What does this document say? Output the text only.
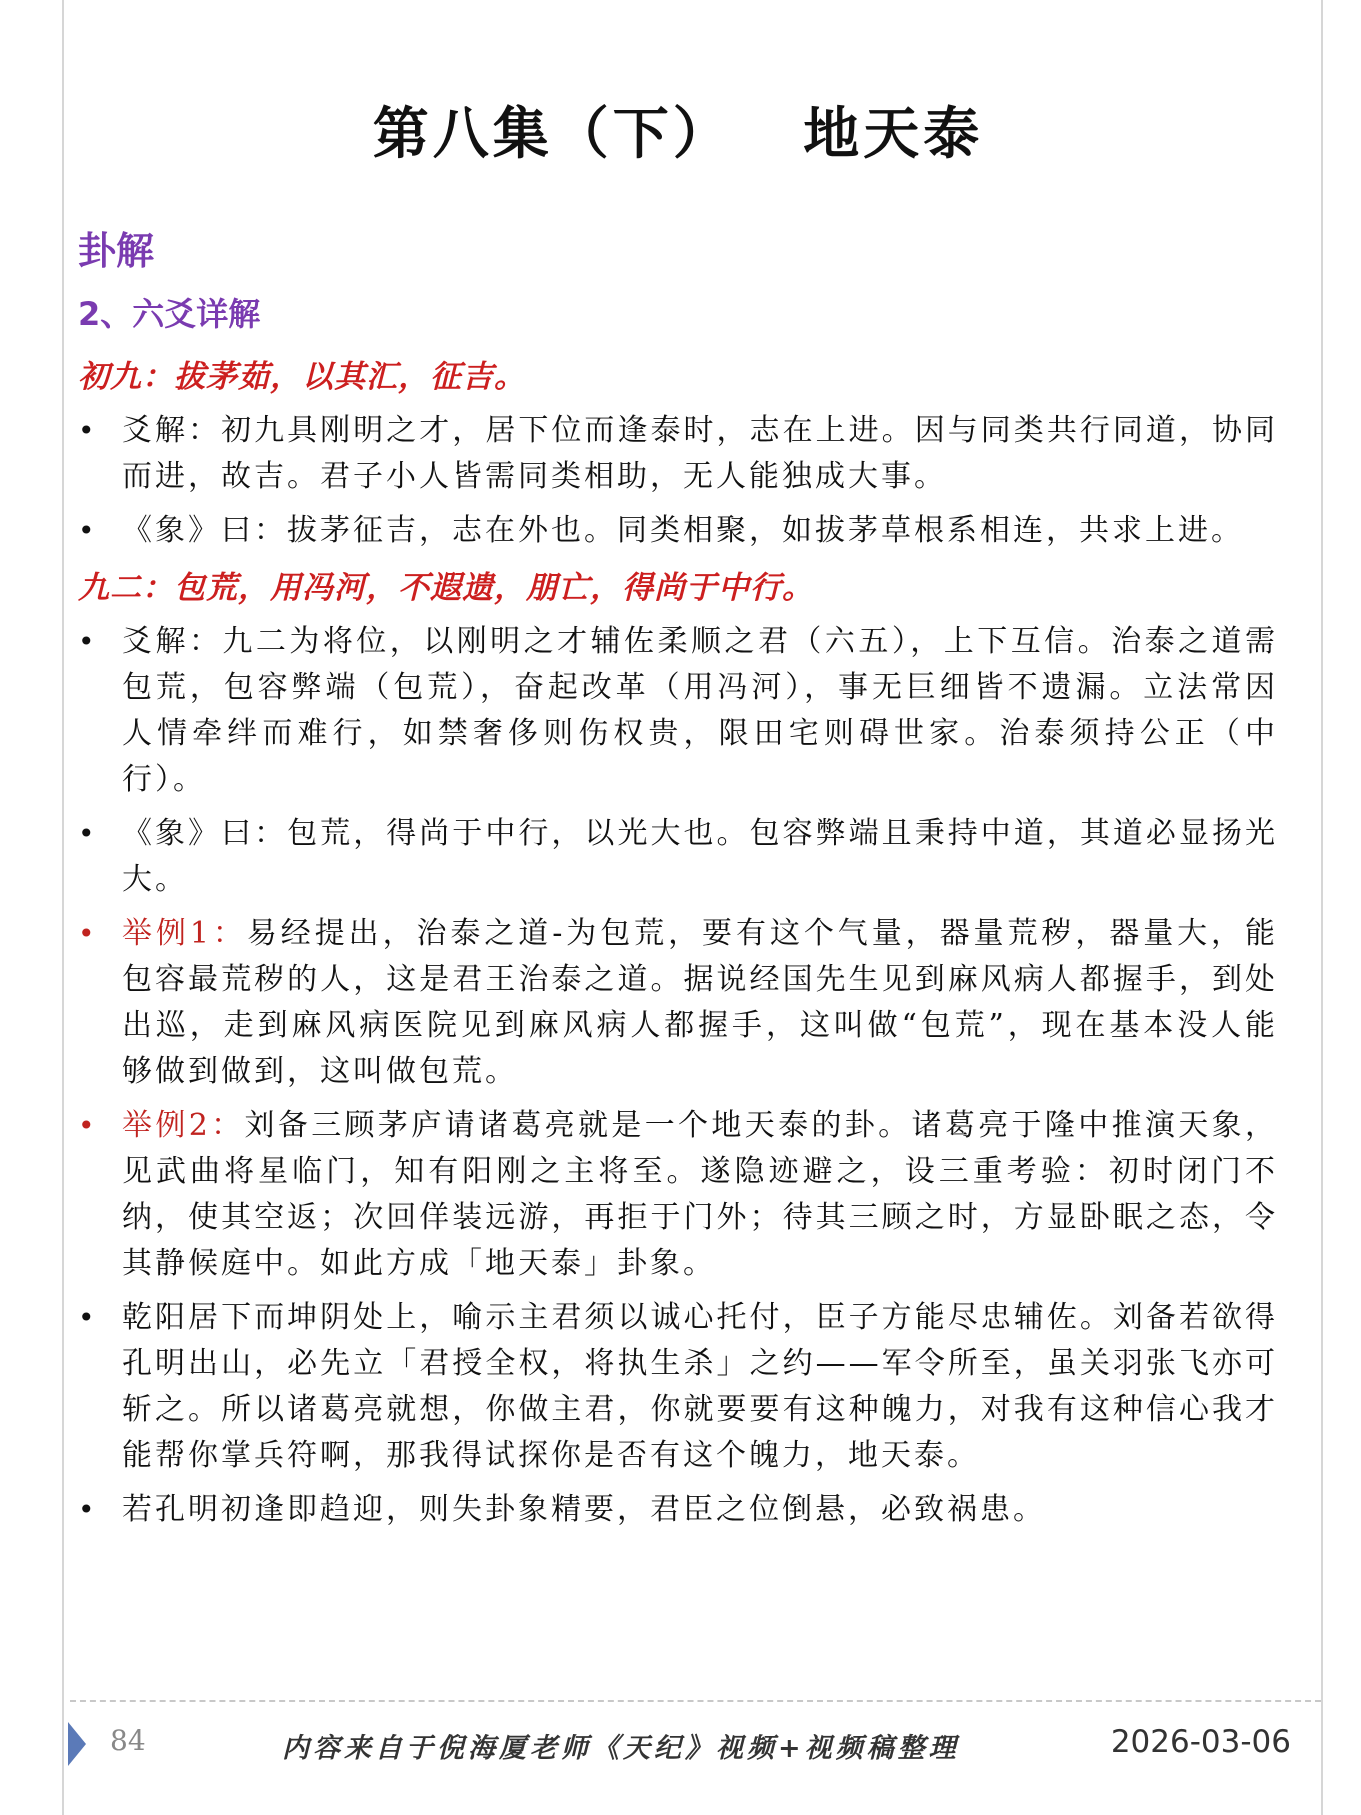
第八集（下）   地天泰
卦解
2、六爻详解
初九：拔茅茹，以其汇，征吉。
• 爻解：初九具刚明之才，居下位而逢泰时，志在上进。因与同类共行同道，协同而进，故吉。君子小人皆需同类相助，无人能独成大事。
• 《象》曰：拔茅征吉，志在外也。同类相聚，如拔茅草根系相连，共求上进。
九二：包荒，用冯河，不遐遗，朋亡，得尚于中行。
• 爻解：九二为将位，以刚明之才辅佐柔顺之君（六五），上下互信。治泰之道需包荒，包容弊端（包荒），奋起改革（用冯河），事无巨细皆不遗漏。立法常因人情牵绊而难行，如禁奢侈则伤权贵，限田宅则碍世家。治泰须持公正（中行）。
• 《象》曰：包荒，得尚于中行，以光大也。包容弊端且秉持中道，其道必显扬光大。
• 举例1：易经提出，治泰之道-为包荒，要有这个气量，器量荒秽，器量大，能包容最荒秽的人，这是君王治泰之道。据说经国先生见到麻风病人都握手，到处出巡，走到麻风病医院见到麻风病人都握手，这叫做“包荒”，现在基本没人能够做到做到，这叫做包荒。
• 举例2：刘备三顾茅庐请诸葛亮就是一个地天泰的卦。诸葛亮于隆中推演天象，见武曲将星临门，知有阳刚之主将至。遂隐迹避之，设三重考验：初时闭门不纳，使其空返；次回佯装远游，再拒于门外；待其三顾之时，方显卧眠之态，令其静候庭中。如此方成「地天泰」卦象。
• 乾阳居下而坤阴处上，喻示主君须以诚心托付，臣子方能尽忠辅佐。刘备若欲得孔明出山，必先立「君授全权，将执生杀」之约——军令所至，虽关羽张飞亦可斩之。所以诸葛亮就想，你做主君，你就要要有这种魄力，对我有这种信心我才能帮你掌兵符啊，那我得试探你是否有这个魄力，地天泰。
• 若孔明初逢即趋迎，则失卦象精要，君臣之位倒悬，必致祸患。
84	内容来自于倪海厦老师《天纪》视频+视频稿整理	2026-03-06
